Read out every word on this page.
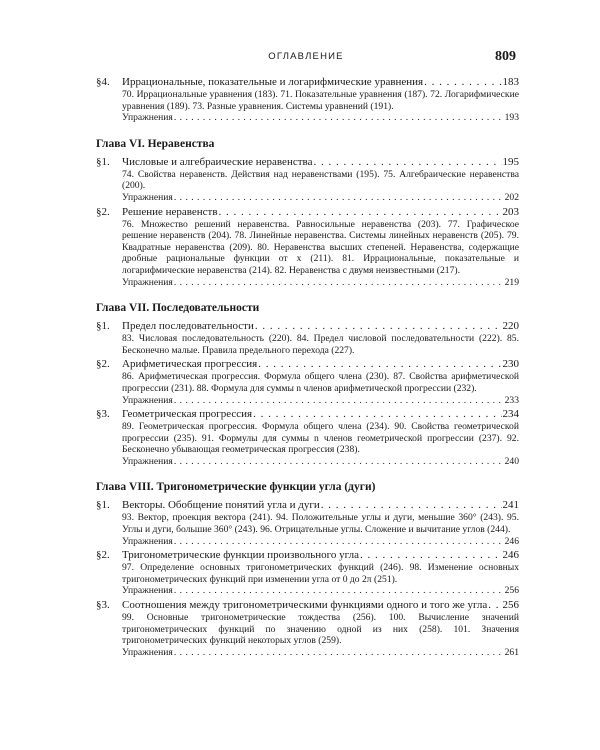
ОГЛАВЛЕНИЕ	809
§4. Иррациональные, показательные и логарифмические уравнения . . .	183
70. Иррациональные уравнения (183). 71. Показательные уравнения (187). 72. Логарифмические уравнения (189). 73. Разные уравнения. Системы уравнений (191).
Упражнения . . .	193
Глава VI. Неравенства
§1. Числовые и алгебраические неравенства . . .	195
74. Свойства неравенств. Действия над неравенствами (195). 75. Алгебраические неравенства (200).
Упражнения . . .	202
§2. Решение неравенств . . .	203
76. Множество решений неравенства. Равносильные неравенства (203). 77. Графическое решение неравенств (204). 78. Линейные неравенства. Системы линейных неравенств (205). 79. Квадратные неравенства (209). 80. Неравенства высших степеней. Неравенства, содержащие дробные рациональные функции от x (211). 81. Иррациональные, показательные и логарифмические неравенства (214). 82. Неравенства с двумя неизвестными (217).
Упражнения . . .	219
Глава VII. Последовательности
§1. Предел последовательности . . .	220
83. Числовая последовательность (220). 84. Предел числовой последовательности (222). 85. Бесконечно малые. Правила предельного перехода (227).
§2. Арифметическая прогрессия . . .	230
86. Арифметическая прогрессия. Формула общего члена (230). 87. Свойства арифметической прогрессии (231). 88. Формула для суммы n членов арифметической прогрессии (232).
Упражнения . . .	233
§3. Геометрическая прогрессия . . .	234
89. Геометрическая прогрессия. Формула общего члена (234). 90. Свойства геометрической прогрессии (235). 91. Формулы для суммы n членов геометрической прогрессии (237). 92. Бесконечно убывающая геометрическая прогрессия (238).
Упражнения . . .	240
Глава VIII. Тригонометрические функции угла (дуги)
§1. Векторы. Обобщение понятий угла и дуги . . .	241
93. Вектор, проекция вектора (241). 94. Положительные углы и дуги, меньшие 360° (243). 95. Углы и дуги, большие 360° (243). 96. Отрицательные углы. Сложение и вычитание углов (244).
Упражнения . . .	246
§2. Тригонометрические функции произвольного угла . . .	246
97. Определение основных тригонометрических функций (246). 98. Изменение основных тригонометрических функций при изменении угла от 0 до 2π (251).
Упражнения . . .	256
§3. Соотношения между тригонометрическими функциями одного и того же угла . . . 256
99. Основные тригонометрические тождества (256). 100. Вычисление значений тригонометрических функций по значению одной из них (258). 101. Значения тригонометрических функций некоторых углов (259).
Упражнения . . .	261
